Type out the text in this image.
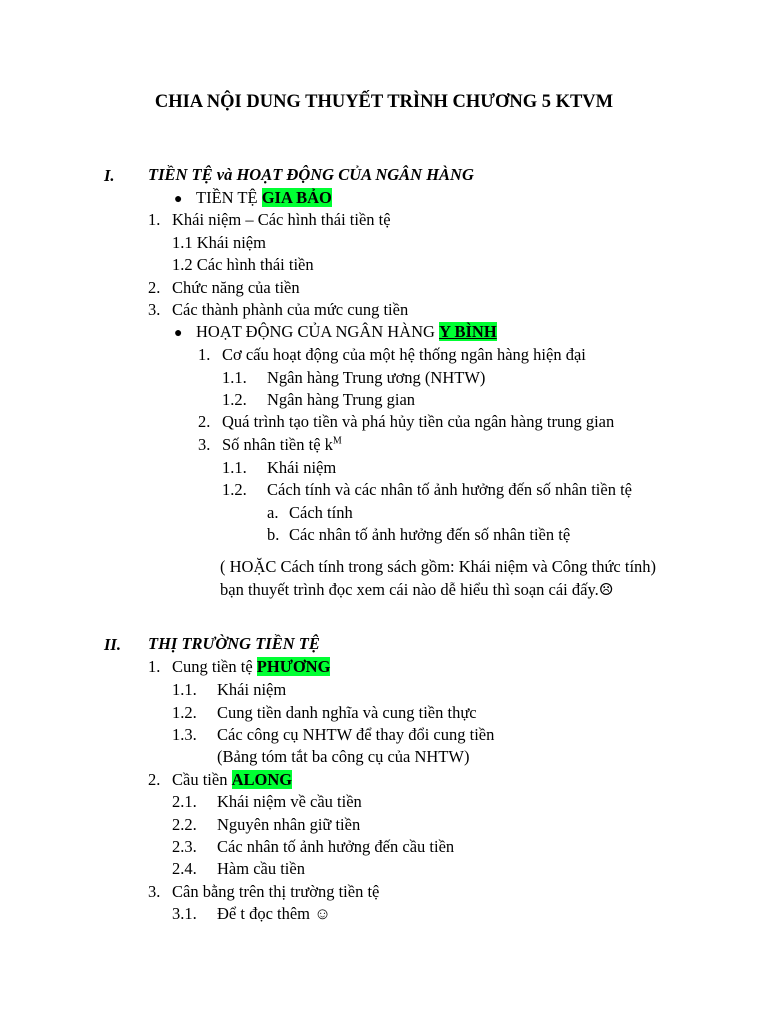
CHIA NỘI DUNG THUYẾT TRÌNH CHƯƠNG 5 KTVM
I. TIỀN TỆ và HOẠT ĐỘNG CỦA NGÂN HÀNG
● TIỀN TỆ GIA BẢO
1. Khái niệm – Các hình thái tiền tệ
1.1 Khái niệm
1.2 Các hình thái tiền
2. Chức năng của tiền
3. Các thành phành của mức cung tiền
● HOẠT ĐỘNG CỦA NGÂN HÀNG Y BÌNH
1. Cơ cấu hoạt động của một hệ thống ngân hàng hiện đại
1.1. Ngân hàng Trung ương (NHTW)
1.2. Ngân hàng Trung gian
2. Quá trình tạo tiền và phá hủy tiền của ngân hàng trung gian
3. Số nhân tiền tệ $k^M$
1.1. Khái niệm
1.2. Cách tính và các nhân tố ảnh hưởng đến số nhân tiền tệ
a. Cách tính
b. Các nhân tố ảnh hưởng đến số nhân tiền tệ
( HOẶC Cách tính trong sách gồm: Khái niệm và Công thức tính) bạn thuyết trình đọc xem cái nào dễ hiểu thì soạn cái đấy.☹
II. THỊ TRƯỜNG TIỀN TỆ
1. Cung tiền tệ PHƯƠNG
1.1. Khái niệm
1.2. Cung tiền danh nghĩa và cung tiền thực
1.3. Các công cụ NHTW để thay đổi cung tiền
(Bảng tóm tắt ba công cụ của NHTW)
2. Cầu tiền ALONG
2.1. Khái niệm về cầu tiền
2.2. Nguyên nhân giữ tiền
2.3. Các nhân tố ảnh hưởng đến cầu tiền
2.4. Hàm cầu tiền
3. Cân bằng trên thị trường tiền tệ
3.1. Để t đọc thêm ☺
